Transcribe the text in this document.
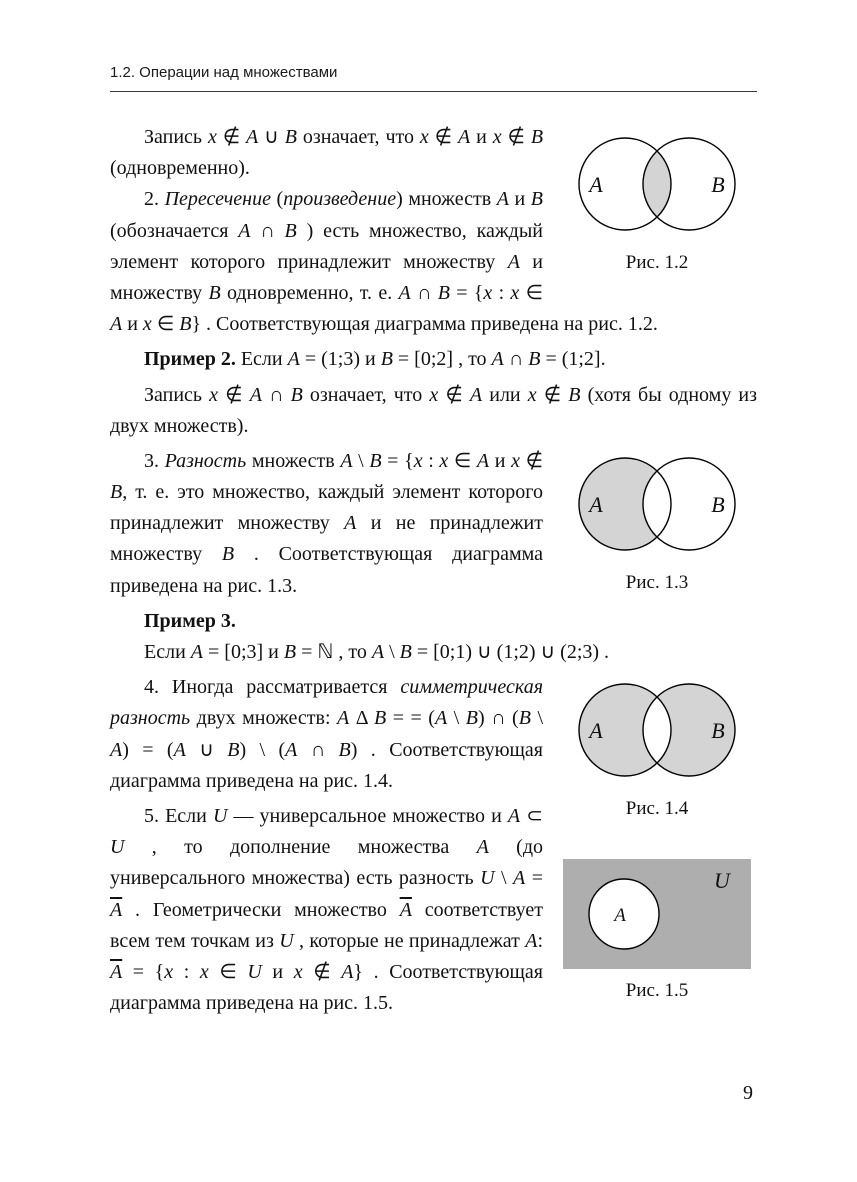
1.2. Операции над множествами
A	B
Рис. 1.2

Запись x ∉ A ∪ B означает, что x ∉ A и x ∉ B (одновременно).

2. Пересечение (произведение) множеств A и B (обозначается A ∩ B ) есть множество, каждый элемент которого принадлежит множеству A и множеству B одновременно, т. е. A ∩ B = {x : x ∈ A и x ∈ B} . Соответствующая диаграмма приведена на рис. 1.2.

Пример 2. Если A = (1;3) и B = [0;2] , то A ∩ B = (1;2].

Запись x ∉ A ∩ B означает, что x ∉ A или x ∉ B (хотя бы одному из двух множеств).

A	B
Рис. 1.3

3. Разность множеств A \ B = {x : x ∈ A и x ∉ B, т. е. это множество, каждый элемент которого принадлежит множеству A и не принадлежит множеству B . Соответствующая диаграмма приведена на рис. 1.3.

Пример 3.

Если A = [0;3] и B = ℕ , то A \ B = [0;1) ∪ (1;2) ∪ (2;3) .

A	B
Рис. 1.4

4. Иногда рассматривается симметрическая разность двух множеств: A Δ B = = (A \ B) ∩ (B \ A) = (A ∪ B) \ (A ∩ B) . Соответствующая диаграмма приведена на рис. 1.4.

A
U
Рис. 1.5

5. Если U — универсальное множество и A ⊂ U , то дополнение множества A (до универсального множества) есть разность U \ $A = \overline{A}$ . Геометрически множество $\overline{A}$ соответствует всем тем точкам из U , которые не принадлежат A: $\overline{A} = \{x$ : x ∈ U и x ∉ A} . Соответствующая диаграмма приведена на рис. 1.5.

9
